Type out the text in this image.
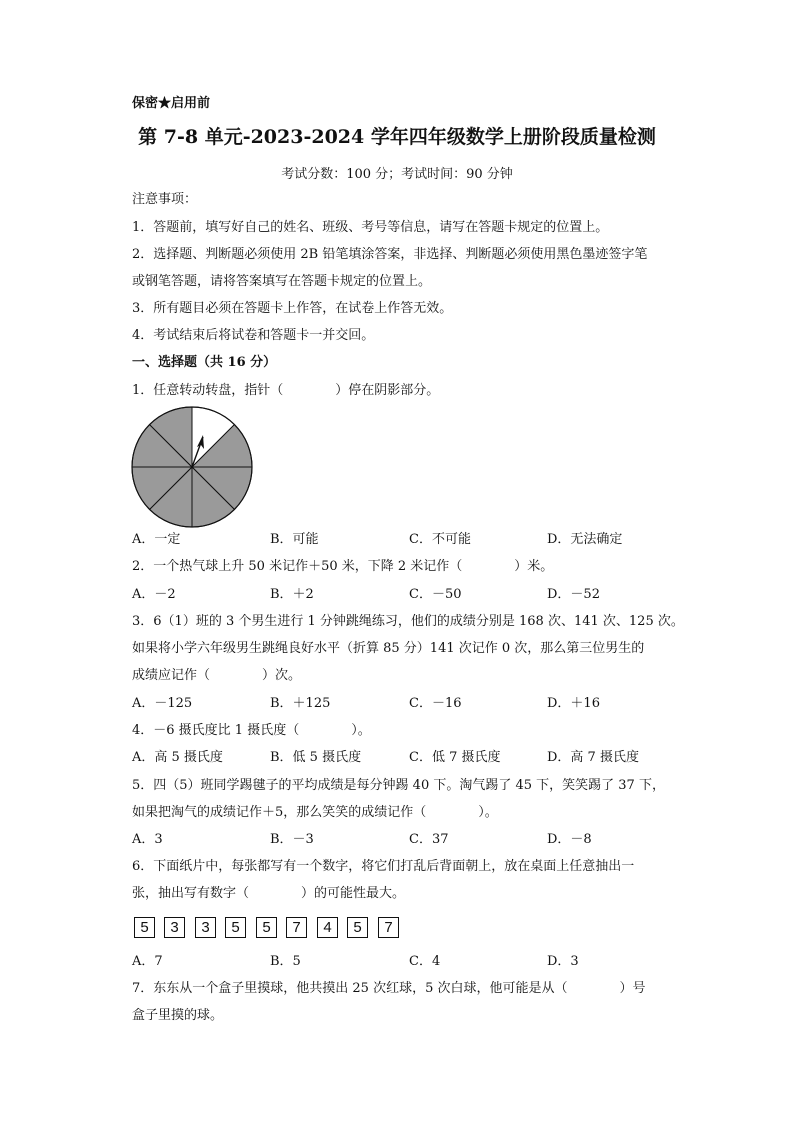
保密★启用前
第 7-8 单元-2023-2024 学年四年级数学上册阶段质量检测
考试分数：100 分；考试时间：90 分钟
注意事项：
1．答题前，填写好自己的姓名、班级、考号等信息，请写在答题卡规定的位置上。
2．选择题、判断题必须使用 2B 铅笔填涂答案，非选择、判断题必须使用黑色墨迹签字笔
或钢笔答题，请将答案填写在答题卡规定的位置上。
3．所有题目必须在答题卡上作答，在试卷上作答无效。
4．考试结束后将试卷和答题卡一并交回。
一、选择题（共 16 分）
1．任意转动转盘，指针（　　　　）停在阴影部分。
A．一定	B．可能	C．不可能	D．无法确定
2．一个热气球上升 50 米记作＋50 米，下降 2 米记作（　　　　）米。
A．－2	B．＋2	C．－50	D．－52
3．6（1）班的 3 个男生进行 1 分钟跳绳练习，他们的成绩分别是 168 次、141 次、125 次。
如果将小学六年级男生跳绳良好水平（折算 85 分）141 次记作 0 次，那么第三位男生的
成绩应记作（　　　　）次。
A．－125	B．＋125	C．－16	D．＋16
4．－6 摄氏度比 1 摄氏度（　　　　）。
A．高 5 摄氏度	B．低 5 摄氏度	C．低 7 摄氏度	D．高 7 摄氏度
5．四（5）班同学踢毽子的平均成绩是每分钟踢 40 下。淘气踢了 45 下，笑笑踢了 37 下，
如果把淘气的成绩记作＋5，那么笑笑的成绩记作（　　　　）。
A．3	B．－3	C．37	D．－8
6．下面纸片中，每张都写有一个数字，将它们打乱后背面朝上，放在桌面上任意抽出一
张，抽出写有数字（　　　　）的可能性最大。
5	3	3	5	5	7	4	5	7
A．7	B．5	C．4	D．3
7．东东从一个盒子里摸球，他共摸出 25 次红球，5 次白球，他可能是从（　　　　）号
盒子里摸的球。
